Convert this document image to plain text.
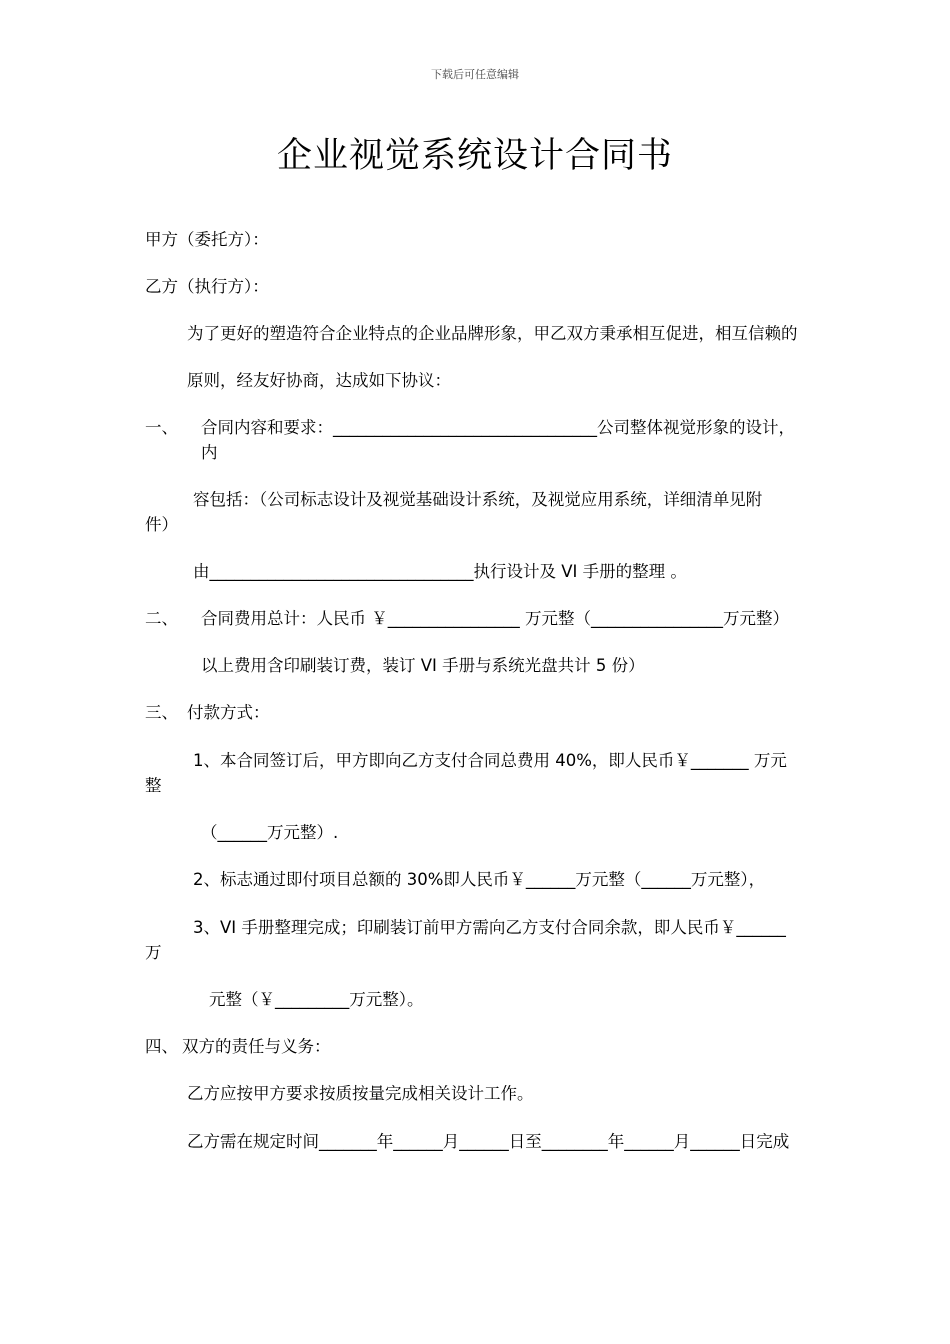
下载后可任意编辑
企业视觉系统设计合同书
甲方（委托方）：
乙方（执行方）：
为了更好的塑造符合企业特点的企业品牌形象，甲乙双方秉承相互促进，相互信赖的
原则，经友好协商，达成如下协议：
一、 合同内容和要求：________________________________公司整体视觉形象的设计，
内
容包括：（公司标志设计及视觉基础设计系统，及视觉应用系统，详细清单见附
件）
由________________________________执行设计及 VI 手册的整理 。
二、 合同费用总计：人民币 ￥________________ 万元整（________________万元整）
以上费用含印刷装订费，装订 VI 手册与系统光盘共计 5 份）
三、 付款方式：
1、本合同签订后，甲方即向乙方支付合同总费用 40%，即人民币￥_______ 万元
整
（______万元整）.
2、标志通过即付项目总额的 30%即人民币￥______万元整（______万元整），
3、VI 手册整理完成；印刷装订前甲方需向乙方支付合同余款，即人民币￥______
万
元整（￥_________万元整）。
四、 双方的责任与义务：
乙方应按甲方要求按质按量完成相关设计工作。
乙方需在规定时间_______年______月______日至________年______月______日完成
